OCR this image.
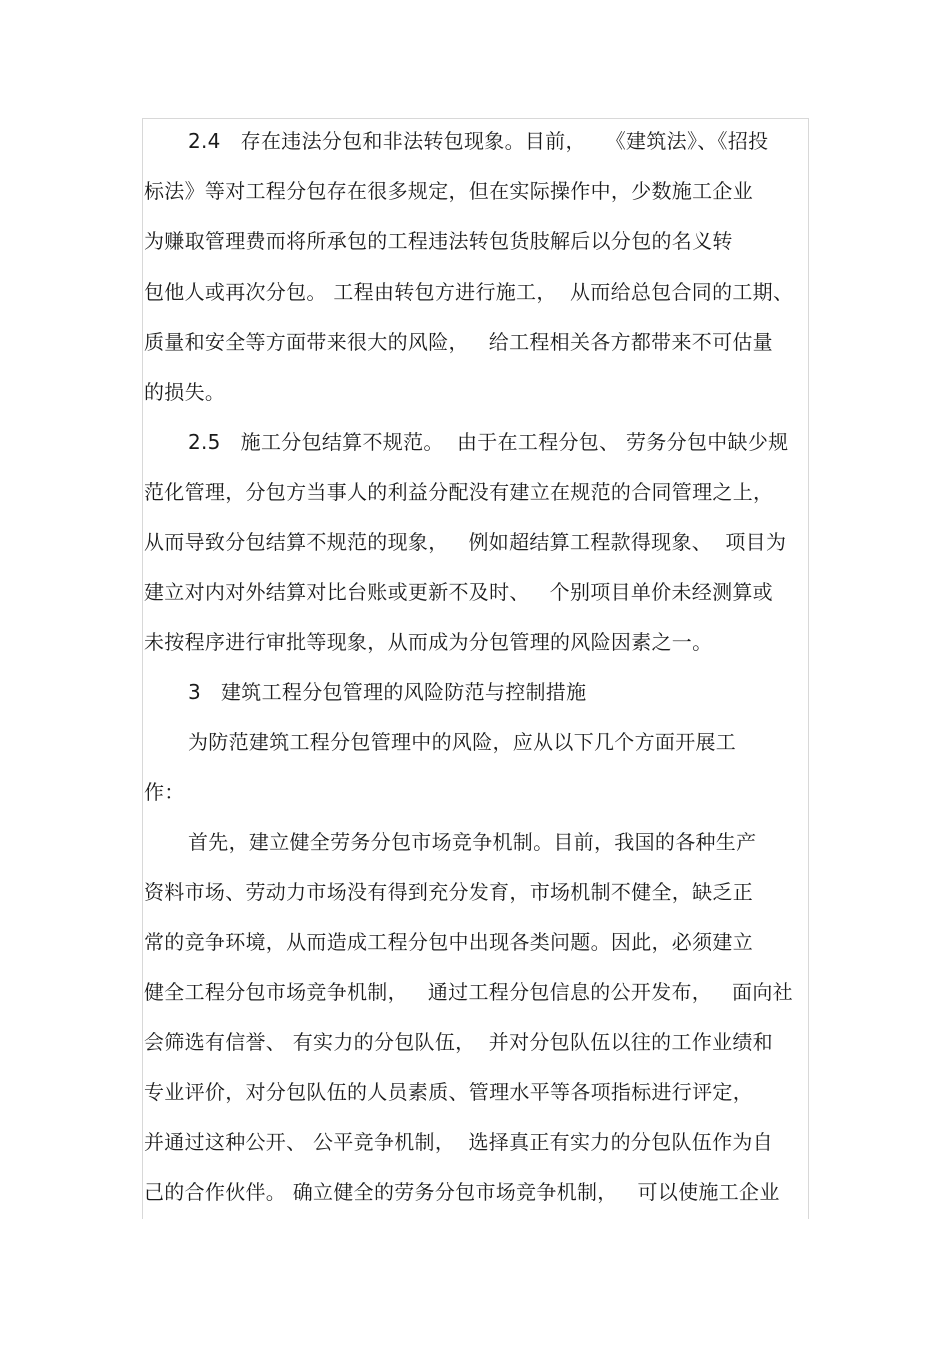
2.4   存在违法分包和非法转包现象。目前，   《建筑法》、《招投
标法》等对工程分包存在很多规定，但在实际操作中，少数施工企业
为赚取管理费而将所承包的工程违法转包货肢解后以分包的名义转
包他人或再次分包。 工程由转包方进行施工，  从而给总包合同的工期、
质量和安全等方面带来很大的风险，   给工程相关各方都带来不可估量
的损失。
2.5   施工分包结算不规范。  由于在工程分包、 劳务分包中缺少规
范化管理，分包方当事人的利益分配没有建立在规范的合同管理之上，
从而导致分包结算不规范的现象，   例如超结算工程款得现象、  项目为
建立对内对外结算对比台账或更新不及时、   个别项目单价未经测算或
未按程序进行审批等现象，从而成为分包管理的风险因素之一。
3   建筑工程分包管理的风险防范与控制措施
为防范建筑工程分包管理中的风险，应从以下几个方面开展工
作：
首先，建立健全劳务分包市场竞争机制。目前，我国的各种生产
资料市场、劳动力市场没有得到充分发育，市场机制不健全，缺乏正
常的竞争环境，从而造成工程分包中出现各类问题。因此，必须建立
健全工程分包市场竞争机制，   通过工程分包信息的公开发布，   面向社
会筛选有信誉、 有实力的分包队伍，  并对分包队伍以往的工作业绩和
专业评价，对分包队伍的人员素质、管理水平等各项指标进行评定，
并通过这种公开、 公平竞争机制，  选择真正有实力的分包队伍作为自
己的合作伙伴。 确立健全的劳务分包市场竞争机制，   可以使施工企业
